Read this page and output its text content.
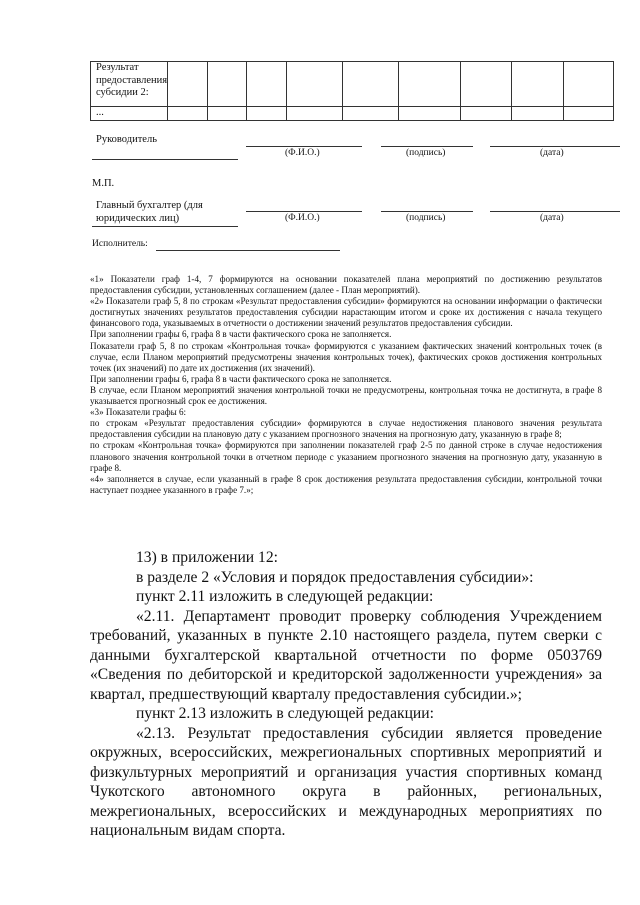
Результат предоставления субсидии 2:									
...									
Руководитель
(Ф.И.О.)	(подпись)	(дата)
М.П.
Главный бухгалтер (для юридических лиц)	(Ф.И.О.)	(подпись)	(дата)
Исполнитель:

«1» Показатели граф 1-4, 7 формируются на основании показателей плана мероприятий по достижению результатов предоставления субсидии, установленных соглашением (далее - План мероприятий).

«2» Показатели граф 5, 8 по строкам «Результат предоставления субсидии» формируются на основании информации о фактически достигнутых значениях результатов предоставления субсидии нарастающим итогом и сроке их достижения с начала текущего финансового года, указываемых в отчетности о достижении значений результатов предоставления субсидии.

При заполнении графы 6, графа 8 в части фактического срока не заполняется.

Показатели граф 5, 8 по строкам «Контрольная точка» формируются с указанием фактических значений контрольных точек (в случае, если Планом мероприятий предусмотрены значения контрольных точек), фактических сроков достижения контрольных точек (их значений) по дате их достижения (их значений).

При заполнении графы 6, графа 8 в части фактического срока не заполняется.

В случае, если Планом мероприятий значения контрольной точки не предусмотрены, контрольная точка не достигнута, в графе 8 указывается прогнозный срок ее достижения.

«3» Показатели графы 6:

по строкам «Результат предоставления субсидии» формируются в случае недостижения планового значения результата предоставления субсидии на плановую дату с указанием прогнозного значения на прогнозную дату, указанную в графе 8;

по строкам «Контрольная точка» формируются при заполнении показателей граф 2-5 по данной строке в случае недостижения планового значения контрольной точки в отчетном периоде с указанием прогнозного значения на прогнозную дату, указанную в графе 8.

«4» заполняется в случае, если указанный в графе 8 срок достижения результата предоставления субсидии, контрольной точки наступает позднее указанного в графе 7.»;

13) в приложении 12:

в разделе 2 «Условия и порядок предоставления субсидии»:

пункт 2.11 изложить в следующей редакции:

«2.11. Департамент проводит проверку соблюдения Учреждением требований, указанных в пункте 2.10 настоящего раздела, путем сверки с данными бухгалтерской квартальной отчетности по форме 0503769 «Сведения по дебиторской и кредиторской задолженности учреждения» за квартал, предшествующий кварталу предоставления субсидии.»;

пункт 2.13 изложить в следующей редакции:

«2.13. Результат предоставления субсидии является проведение окружных, всероссийских, межрегиональных спортивных мероприятий и физкультурных мероприятий и организация участия спортивных команд Чукотского автономного округа в районных, региональных, межрегиональных, всероссийских и международных мероприятиях по национальным видам спорта.
